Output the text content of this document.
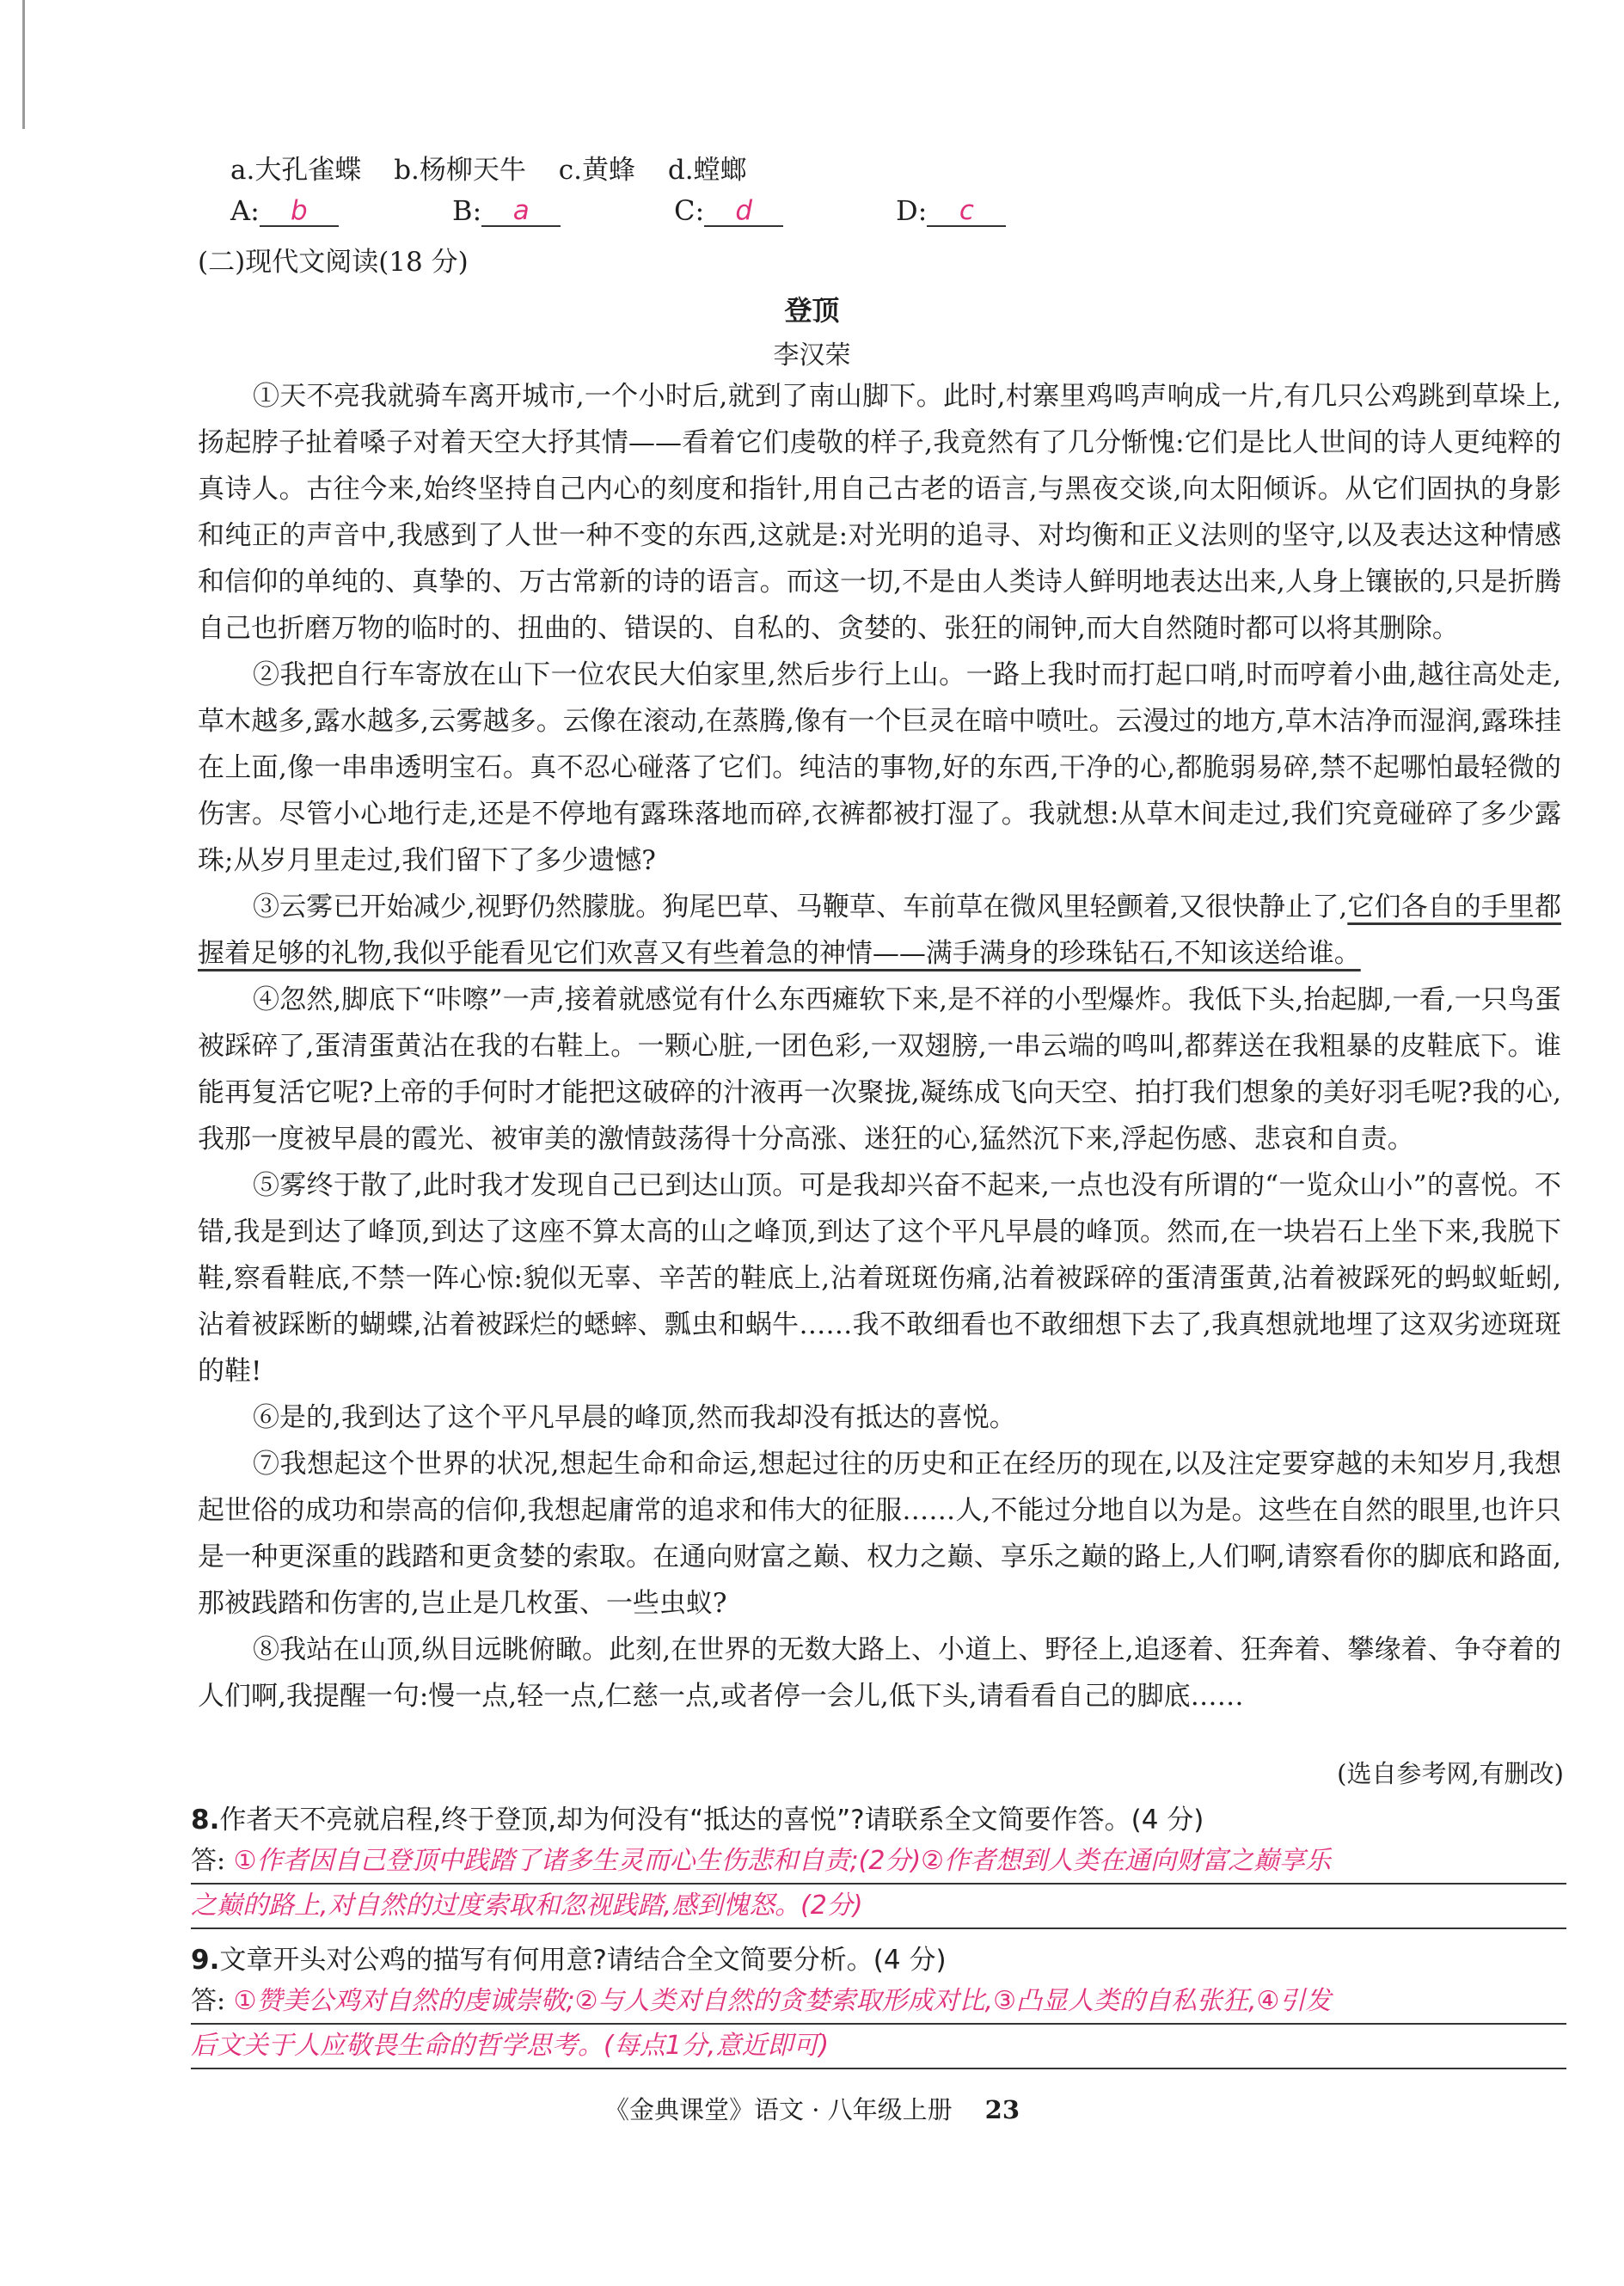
a.大孔雀蝶 b.杨柳天牛 c.黄蜂 d.螳螂
A:	b	B:	a	C:	d	D:	c
(二)现代文阅读(18 分)
登顶
李汉荣

①天不亮我就骑车离开城市,一个小时后,就到了南山脚下。此时,村寨里鸡鸣声响成一片,有几只公鸡跳到草垛上,扬起脖子扯着嗓子对着天空大抒其情——看着它们虔敬的样子,我竟然有了几分惭愧:它们是比人世间的诗人更纯粹的真诗人。古往今来,始终坚持自己内心的刻度和指针,用自己古老的语言,与黑夜交谈,向太阳倾诉。从它们固执的身影和纯正的声音中,我感到了人世一种不变的东西,这就是:对光明的追寻、对均衡和正义法则的坚守,以及表达这种情感和信仰的单纯的、真挚的、万古常新的诗的语言。而这一切,不是由人类诗人鲜明地表达出来,人身上镶嵌的,只是折腾自己也折磨万物的临时的、扭曲的、错误的、自私的、贪婪的、张狂的闹钟,而大自然随时都可以将其删除。

②我把自行车寄放在山下一位农民大伯家里,然后步行上山。一路上我时而打起口哨,时而哼着小曲,越往高处走,草木越多,露水越多,云雾越多。云像在滚动,在蒸腾,像有一个巨灵在暗中喷吐。云漫过的地方,草木洁净而湿润,露珠挂在上面,像一串串透明宝石。真不忍心碰落了它们。纯洁的事物,好的东西,干净的心,都脆弱易碎,禁不起哪怕最轻微的伤害。尽管小心地行走,还是不停地有露珠落地而碎,衣裤都被打湿了。我就想:从草木间走过,我们究竟碰碎了多少露珠;从岁月里走过,我们留下了多少遗憾?

③云雾已开始减少,视野仍然朦胧。狗尾巴草、马鞭草、车前草在微风里轻颤着,又很快静止了,它们各自的手里都握着足够的礼物,我似乎能看见它们欢喜又有些着急的神情——满手满身的珍珠钻石,不知该送给谁。

④忽然,脚底下“咔嚓”一声,接着就感觉有什么东西瘫软下来,是不祥的小型爆炸。我低下头,抬起脚,一看,一只鸟蛋被踩碎了,蛋清蛋黄沾在我的右鞋上。一颗心脏,一团色彩,一双翅膀,一串云端的鸣叫,都葬送在我粗暴的皮鞋底下。谁能再复活它呢?上帝的手何时才能把这破碎的汁液再一次聚拢,凝练成飞向天空、拍打我们想象的美好羽毛呢?我的心,我那一度被早晨的霞光、被审美的激情鼓荡得十分高涨、迷狂的心,猛然沉下来,浮起伤感、悲哀和自责。

⑤雾终于散了,此时我才发现自己已到达山顶。可是我却兴奋不起来,一点也没有所谓的“一览众山小”的喜悦。不错,我是到达了峰顶,到达了这座不算太高的山之峰顶,到达了这个平凡早晨的峰顶。然而,在一块岩石上坐下来,我脱下鞋,察看鞋底,不禁一阵心惊:貌似无辜、辛苦的鞋底上,沾着斑斑伤痛,沾着被踩碎的蛋清蛋黄,沾着被踩死的蚂蚁蚯蚓,沾着被踩断的蝴蝶,沾着被踩烂的蟋蟀、瓢虫和蜗牛……我不敢细看也不敢细想下去了,我真想就地埋了这双劣迹斑斑的鞋!

⑥是的,我到达了这个平凡早晨的峰顶,然而我却没有抵达的喜悦。

⑦我想起这个世界的状况,想起生命和命运,想起过往的历史和正在经历的现在,以及注定要穿越的未知岁月,我想起世俗的成功和崇高的信仰,我想起庸常的追求和伟大的征服……人,不能过分地自以为是。这些在自然的眼里,也许只是一种更深重的践踏和更贪婪的索取。在通向财富之巅、权力之巅、享乐之巅的路上,人们啊,请察看你的脚底和路面,那被践踏和伤害的,岂止是几枚蛋、一些虫蚁?

⑧我站在山顶,纵目远眺俯瞰。此刻,在世界的无数大路上、小道上、野径上,追逐着、狂奔着、攀缘着、争夺着的人们啊,我提醒一句:慢一点,轻一点,仁慈一点,或者停一会儿,低下头,请看看自己的脚底……

(选自参考网,有删改)
8.作者天不亮就启程,终于登顶,却为何没有“抵达的喜悦”?请联系全文简要作答。(4 分)
答: ①作者因自己登顶中践踏了诸多生灵而心生伤悲和自责;(2分)②作者想到人类在通向财富之巅享乐
之巅的路上,对自然的过度索取和忽视践踏,感到愧怒。(2分)
9.文章开头对公鸡的描写有何用意?请结合全文简要分析。(4 分)
答: ①赞美公鸡对自然的虔诚崇敬;②与人类对自然的贪婪索取形成对比,③凸显人类的自私张狂,④引发
后文关于人应敬畏生命的哲学思考。(每点1分,意近即可)
《金典课堂》语文 · 八年级上册 23
